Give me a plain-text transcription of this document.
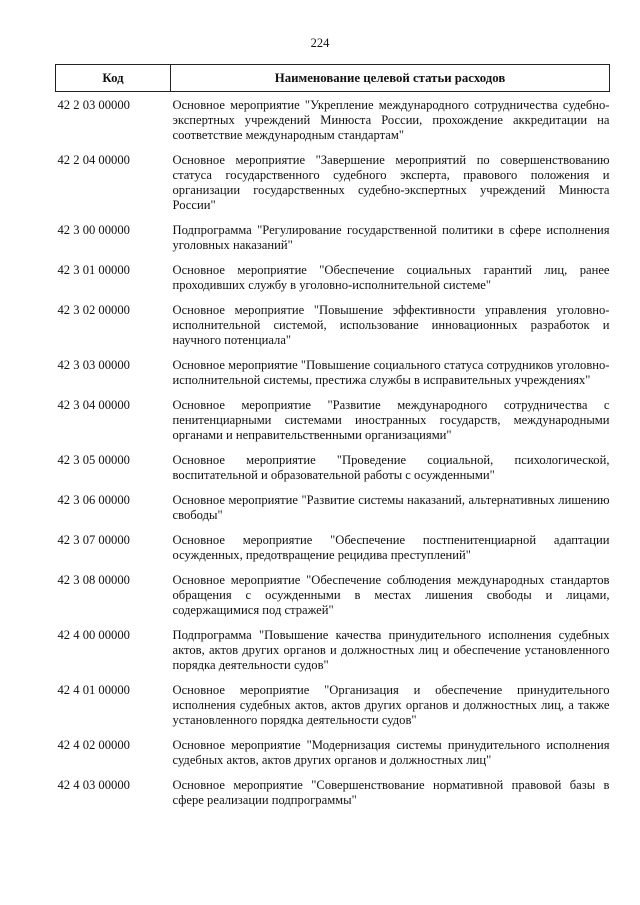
224
Код	Наименование целевой статьи расходов
42 2 03 00000	Основное мероприятие "Укрепление международного сотрудничества судебно-экспертных учреждений Минюста России, прохождение аккредитации на соответствие международным стандартам"
42 2 04 00000	Основное мероприятие "Завершение мероприятий по совершенствованию статуса государственного судебного эксперта, правового положения и организации государственных судебно-экспертных учреждений Минюста России"
42 3 00 00000	Подпрограмма "Регулирование государственной политики в сфере исполнения уголовных наказаний"
42 3 01 00000	Основное мероприятие "Обеспечение социальных гарантий лиц, ранее проходивших службу в уголовно-исполнительной системе"
42 3 02 00000	Основное мероприятие "Повышение эффективности управления уголовно-исполнительной системой, использование инновационных разработок и научного потенциала"
42 3 03 00000	Основное мероприятие "Повышение социального статуса сотрудников уголовно-исполнительной системы, престижа службы в исправительных учреждениях"
42 3 04 00000	Основное мероприятие "Развитие международного сотрудничества с пенитенциарными системами иностранных государств, международными органами и неправительственными организациями"
42 3 05 00000	Основное мероприятие "Проведение социальной, психологической, воспитательной и образовательной работы с осужденными"
42 3 06 00000	Основное мероприятие "Развитие системы наказаний, альтернативных лишению свободы"
42 3 07 00000	Основное мероприятие "Обеспечение постпенитенциарной адаптации осужденных, предотвращение рецидива преступлений"
42 3 08 00000	Основное мероприятие "Обеспечение соблюдения международных стандартов обращения с осужденными в местах лишения свободы и лицами, содержащимися под стражей"
42 4 00 00000	Подпрограмма "Повышение качества принудительного исполнения судебных актов, актов других органов и должностных лиц и обеспечение установленного порядка деятельности судов"
42 4 01 00000	Основное мероприятие "Организация и обеспечение принудительного исполнения судебных актов, актов других органов и должностных лиц, а также установленного порядка деятельности судов"
42 4 02 00000	Основное мероприятие "Модернизация системы принудительного исполнения судебных актов, актов других органов и должностных лиц"
42 4 03 00000	Основное мероприятие "Совершенствование нормативной правовой базы в сфере реализации подпрограммы"
